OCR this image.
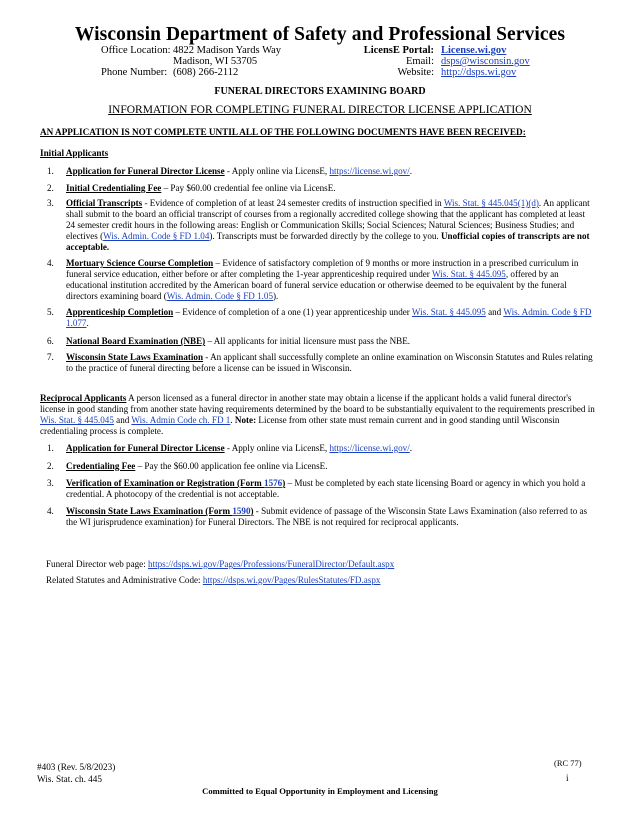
Wisconsin Department of Safety and Professional Services
Office Location: 4822 Madison Yards Way
Madison, WI 53705
Phone Number: (608) 266-2112
LicensE Portal: License.wi.gov
Email: dsps@wisconsin.gov
Website: http://dsps.wi.gov
FUNERAL DIRECTORS EXAMINING BOARD
INFORMATION FOR COMPLETING FUNERAL DIRECTOR LICENSE APPLICATION
AN APPLICATION IS NOT COMPLETE UNTIL ALL OF THE FOLLOWING DOCUMENTS HAVE BEEN RECEIVED:
Initial Applicants
1. Application for Funeral Director License - Apply online via LicensE, https://license.wi.gov/.
2. Initial Credentialing Fee – Pay $60.00 credential fee online via LicensE.
3. Official Transcripts - Evidence of completion of at least 24 semester credits of instruction specified in Wis. Stat. § 445.045(1)(d). An applicant shall submit to the board an official transcript of courses from a regionally accredited college showing that the applicant has completed at least 24 semester credit hours in the following areas: English or Communication Skills; Social Sciences; Natural Sciences; Business Studies; and electives (Wis. Admin. Code § FD 1.04). Transcripts must be forwarded directly by the college to you. Unofficial copies of transcripts are not acceptable.
4. Mortuary Science Course Completion – Evidence of satisfactory completion of 9 months or more instruction in a prescribed curriculum in funeral service education, either before or after completing the 1-year apprenticeship required under Wis. Stat. § 445.095, offered by an educational institution accredited by the American board of funeral service education or otherwise deemed to be equivalent by the funeral directors examining board (Wis. Admin. Code § FD 1.05).
5. Apprenticeship Completion – Evidence of completion of a one (1) year apprenticeship under Wis. Stat. § 445.095 and Wis. Admin. Code § FD 1.077.
6. National Board Examination (NBE) – All applicants for initial licensure must pass the NBE.
7. Wisconsin State Laws Examination - An applicant shall successfully complete an online examination on Wisconsin Statutes and Rules relating to the practice of funeral directing before a license can be issued in Wisconsin.
Reciprocal Applicants A person licensed as a funeral director in another state may obtain a license if the applicant holds a valid funeral director's license in good standing from another state having requirements determined by the board to be substantially equivalent to the requirements prescribed in Wis. Stat. § 445.045 and Wis. Admin Code ch. FD 1. Note: License from other state must remain current and in good standing until Wisconsin credentialing process is complete.
1. Application for Funeral Director License - Apply online via LicensE, https://license.wi.gov/.
2. Credentialing Fee – Pay the $60.00 application fee online via LicensE.
3. Verification of Examination or Registration (Form 1576) – Must be completed by each state licensing Board or agency in which you hold a credential. A photocopy of the credential is not acceptable.
4. Wisconsin State Laws Examination (Form 1590) - Submit evidence of passage of the Wisconsin State Laws Examination (also referred to as the WI jurisprudence examination) for Funeral Directors. The NBE is not required for reciprocal applicants.
Funeral Director web page: https://dsps.wi.gov/Pages/Professions/FuneralDirector/Default.aspx
Related Statutes and Administrative Code: https://dsps.wi.gov/Pages/RulesStatutes/FD.aspx
#403 (Rev. 5/8/2023)
Wis. Stat. ch. 445
(RC 77)
i
Committed to Equal Opportunity in Employment and Licensing
